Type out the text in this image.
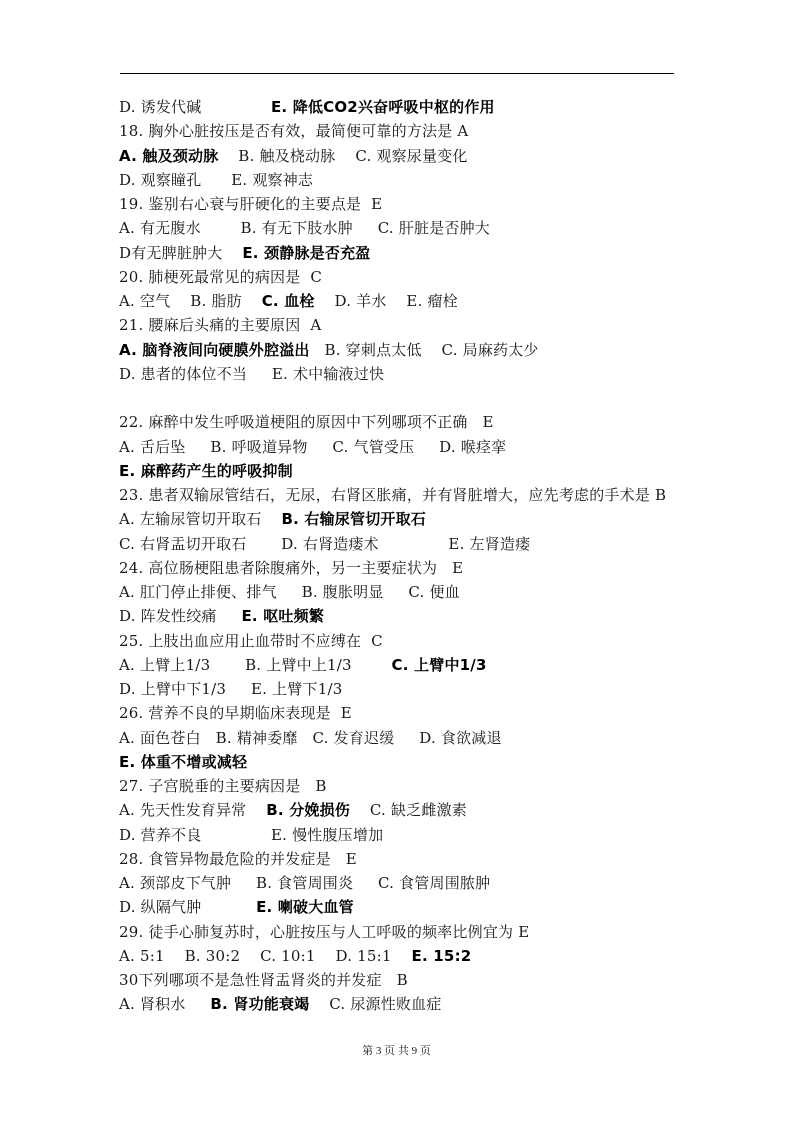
D. 诱发代碱              E. 降低CO2兴奋呼吸中枢的作用
18. 胸外心脏按压是否有效，最简便可靠的方法是 A
A. 触及颈动脉    B. 触及桡动脉    C. 观察尿量变化
D. 观察瞳孔      E. 观察神志
19. 鉴别右心衰与肝硬化的主要点是  E
A. 有无腹水        B. 有无下肢水肿     C. 肝脏是否肿大
D有无脾脏肿大    E. 颈静脉是否充盈
20. 肺梗死最常见的病因是  C
A. 空气    B. 脂肪    C. 血栓    D. 羊水    E. 瘤栓
21. 腰麻后头痛的主要原因  A
A. 脑脊液间向硬膜外腔溢出   B. 穿刺点太低    C. 局麻药太少
D. 患者的体位不当     E. 术中输液过快
22. 麻醉中发生呼吸道梗阻的原因中下列哪项不正确   E
A. 舌后坠     B. 呼吸道异物     C. 气管受压     D. 喉痉挛
E. 麻醉药产生的呼吸抑制
23. 患者双输尿管结石，无尿，右肾区胀痛，并有肾脏增大，应先考虑的手术是 B
A. 左输尿管切开取石    B. 右输尿管切开取石
C. 右肾盂切开取石       D. 右肾造瘘术              E. 左肾造瘘
24. 高位肠梗阻患者除腹痛外，另一主要症状为   E
A. 肛门停止排便、排气     B. 腹胀明显     C. 便血
D. 阵发性绞痛     E. 呕吐频繁
25. 上肢出血应用止血带时不应缚在  C
A. 上臂上1/3       B. 上臂中上1/3        C. 上臂中1/3
D. 上臂中下1/3     E. 上臂下1/3
26. 营养不良的早期临床表现是  E
A. 面色苍白   B. 精神委靡   C. 发育迟缓     D. 食欲减退
E. 体重不增或减轻
27. 子宫脱垂的主要病因是   B
A. 先天性发育异常    B. 分娩损伤    C. 缺乏雌激素
D. 营养不良              E. 慢性腹压增加
28. 食管异物最危险的并发症是   E
A. 颈部皮下气肿     B. 食管周围炎     C. 食管周围脓肿
D. 纵隔气肿           E. 喇破大血管
29. 徒手心肺复苏时，心脏按压与人工呼吸的频率比例宜为 E
A. 5:1    B. 30:2    C. 10:1    D. 15:1    E. 15:2
30下列哪项不是急性肾盂肾炎的并发症   B
A. 肾积水     B. 肾功能衰竭    C. 尿源性败血症
第 3 页 共 9 页
